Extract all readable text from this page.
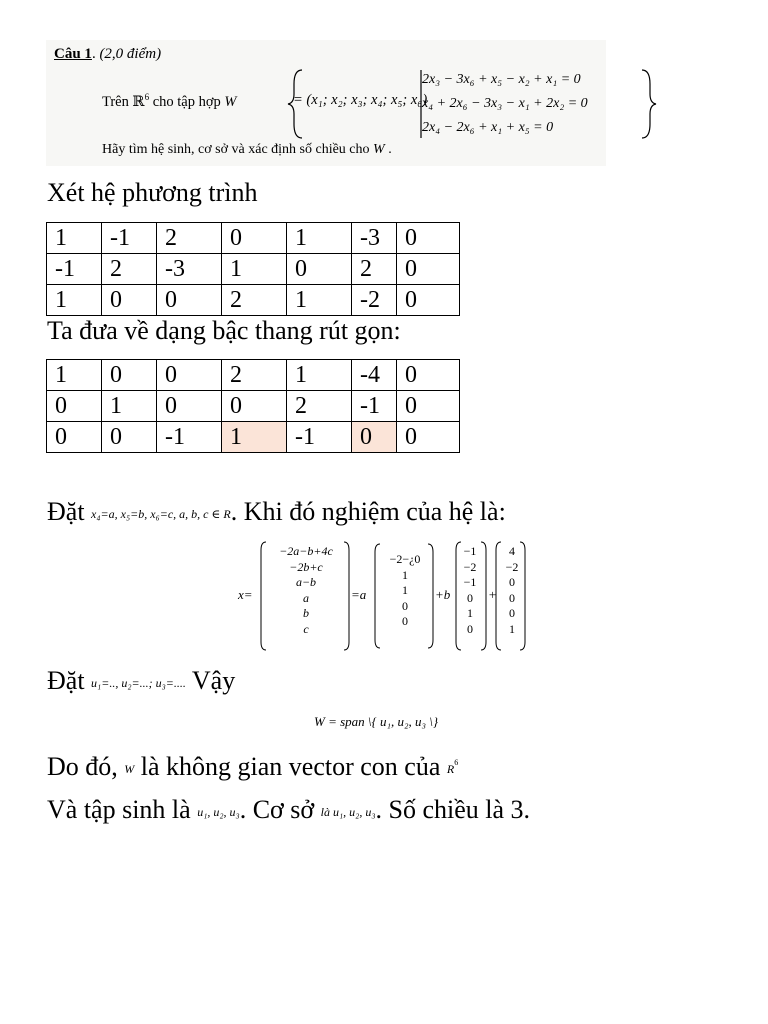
Câu 1. (2,0 điểm)
Trên ℝ$^6$ cho tập hợp W	= (x₁; x₂; x₃; x₄; x₅; x₆)
2x₃ − 3x₆ + x₅ − x₂ + x₁ = 0
x₄ + 2x₆ − 3x₃ − x₁ + 2x₂ = 0
2x₄ − 2x₆ + x₁ + x₅ = 0
Hãy tìm hệ sinh, cơ sở và xác định số chiều cho W .
Xét hệ phương trình
1	-1	2	0	1	-3	0
-1	2	-3	1	0	2	0
1	0	0	2	1	-2	0
Ta đưa về dạng bậc thang rút gọn:
1	0	0	2	1	-4	0
0	1	0	0	2	-1	0
0	0	-1	1	-1	0	0
Đặt x₄=a, x₅=b, x₆=c, a, b, c ∈ R. Khi đó nghiệm của hệ là:
x=
−2a−b+4c
−2b+c
a−b
a
b
c
=a
−2−¿0
1
1
0
0
+b
−1
−2
−1
0
1
0
+
4
−2
0
0
0
1
Đặt u₁=.., u₂=...; u₃=.... Vậy
W = span \{ u₁, u₂, u₃ \}
Do đó, W là không gian vector con của $R^6$
Và tập sinh là u₁, u₂, u₃. Cơ sở là u₁, u₂, u₃. Số chiều là 3.
